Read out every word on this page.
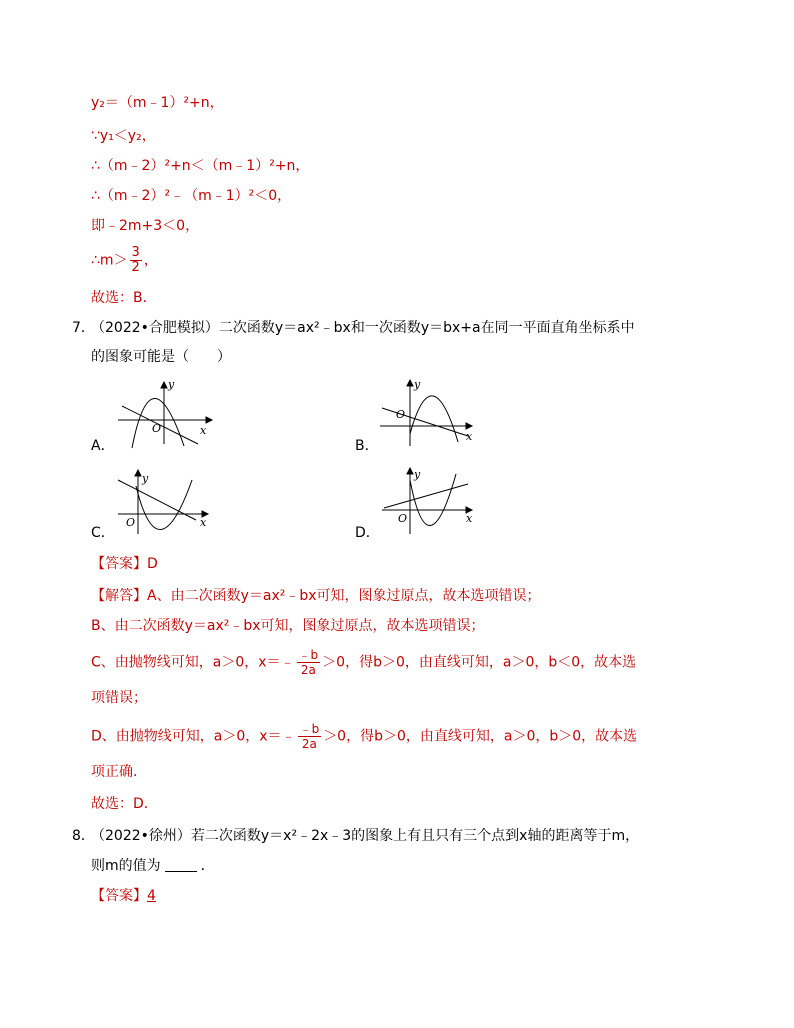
y₂＝（m﹣1）²+n，
∵y₁＜y₂，
∴（m﹣2）²+n＜（m﹣1）²+n，
∴（m﹣2）²﹣（m﹣1）²＜0，
即﹣2m+3＜0，
∴m＞ $\frac{3}{2}$ ，
故选：B．
7．
（2022•合肥模拟）二次函数y＝ax²﹣bx和一次函数y＝bx+a在同一平面直角坐标系中
的图象可能是（　　）
A．
y
x
O
B．
y
x
O
C．
y
x
O
D．
y
x
O
【答案】D
【解答】A、由二次函数y＝ax²﹣bx可知，图象过原点，故本选项错误；
B、由二次函数y＝ax²﹣bx可知，图象过原点，故本选项错误；
C、由抛物线可知，a＞0，x＝﹣ $\frac{﹣b}{2a} >0$，得b＞0，由直线可知，a＞0，b＜0，故本选
项错误；
D、由抛物线可知，a＞0，x＝﹣ $\frac{﹣b}{2a} >0$，得b＞0，由直线可知，a＞0，b＞0，故本选
项正确．
故选：D．
8．
（2022•徐州）若二次函数y＝x²﹣2x﹣3的图象上有且只有三个点到x轴的距离等于m，
则m的值为	．
【答案】4
